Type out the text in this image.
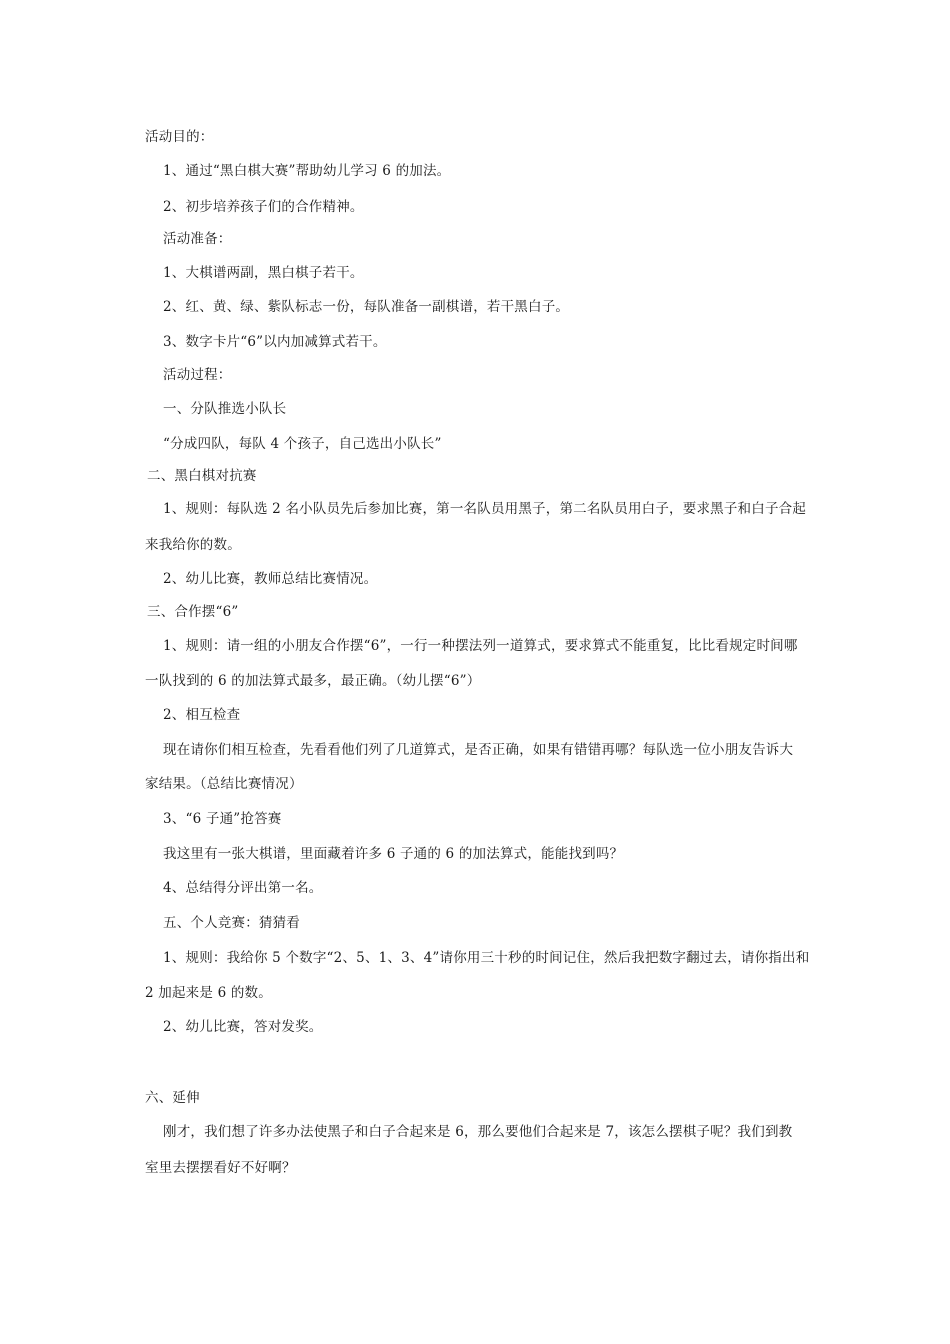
活动目的：
1、通过“黑白棋大赛”帮助幼儿学习 6 的加法。
2、初步培养孩子们的合作精神。
活动准备：
1、大棋谱两副，黑白棋子若干。
2、红、黄、绿、紫队标志一份，每队准备一副棋谱，若干黑白子。
3、数字卡片“6”以内加减算式若干。
活动过程：
一、分队推选小队长
“分成四队，每队 4 个孩子，自己选出小队长”
二、黑白棋对抗赛
1、规则：每队选 2 名小队员先后参加比赛，第一名队员用黑子，第二名队员用白子，要求黑子和白子合起
来我给你的数。
2、幼儿比赛，教师总结比赛情况。
三、合作摆“6”
1、规则：请一组的小朋友合作摆“6”，一行一种摆法列一道算式，要求算式不能重复，比比看规定时间哪
一队找到的 6 的加法算式最多，最正确。（幼儿摆“6”）
2、相互检查
现在请你们相互检查，先看看他们列了几道算式，是否正确，如果有错错再哪？每队选一位小朋友告诉大
家结果。（总结比赛情况）
3、“6 子通”抢答赛
我这里有一张大棋谱，里面藏着许多 6 子通的 6 的加法算式，能能找到吗？
4、总结得分评出第一名。
五、个人竞赛：猜猜看
1、规则：我给你 5 个数字“2、5、1、3、4”请你用三十秒的时间记住，然后我把数字翻过去，请你指出和
2 加起来是 6 的数。
2、幼儿比赛，答对发奖。
六、延伸
刚才，我们想了许多办法使黑子和白子合起来是 6，那么要他们合起来是 7，该怎么摆棋子呢？我们到教
室里去摆摆看好不好啊？
